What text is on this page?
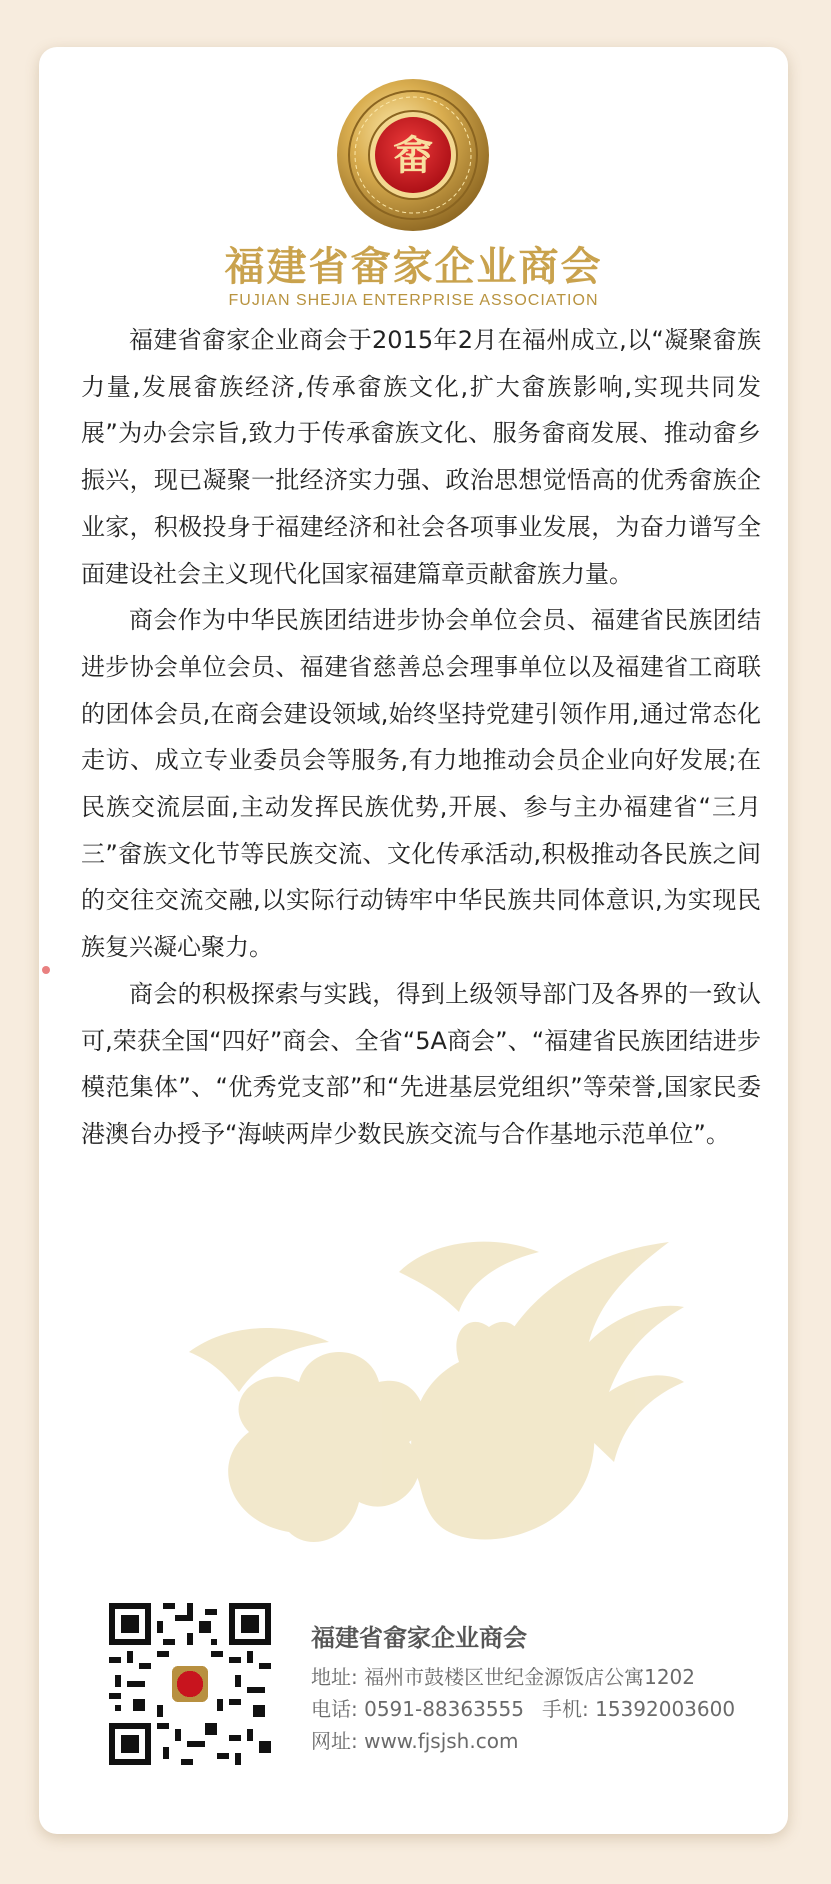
畲
福建省畲家企业商会
FUJIAN SHEJIA ENTERPRISE ASSOCIATION

福建省畲家企业商会于2015年2月在福州成立,以“凝聚畲族力量,发展畲族经济,传承畲族文化,扩大畲族影响,实现共同发展”为办会宗旨,致力于传承畲族文化、服务畲商发展、推动畲乡振兴，现已凝聚一批经济实力强、政治思想觉悟高的优秀畲族企业家，积极投身于福建经济和社会各项事业发展，为奋力谱写全面建设社会主义现代化国家福建篇章贡献畲族力量。

商会作为中华民族团结进步协会单位会员、福建省民族团结进步协会单位会员、福建省慈善总会理事单位以及福建省工商联的团体会员,在商会建设领域,始终坚持党建引领作用,通过常态化走访、成立专业委员会等服务,有力地推动会员企业向好发展;在民族交流层面,主动发挥民族优势,开展、参与主办福建省“三月三”畲族文化节等民族交流、文化传承活动,积极推动各民族之间的交往交流交融,以实际行动铸牢中华民族共同体意识,为实现民族复兴凝心聚力。

商会的积极探索与实践，得到上级领导部门及各界的一致认可,荣获全国“四好”商会、全省“5A商会”、“福建省民族团结进步模范集体”、“优秀党支部”和“先进基层党组织”等荣誉,国家民委港澳台办授予“海峡两岸少数民族交流与合作基地示范单位”。

福建省畲家企业商会
地址: 福州市鼓楼区世纪金源饭店公寓1202
电话: 0591-88363555 手机: 15392003600
网址: www.fjsjsh.com
